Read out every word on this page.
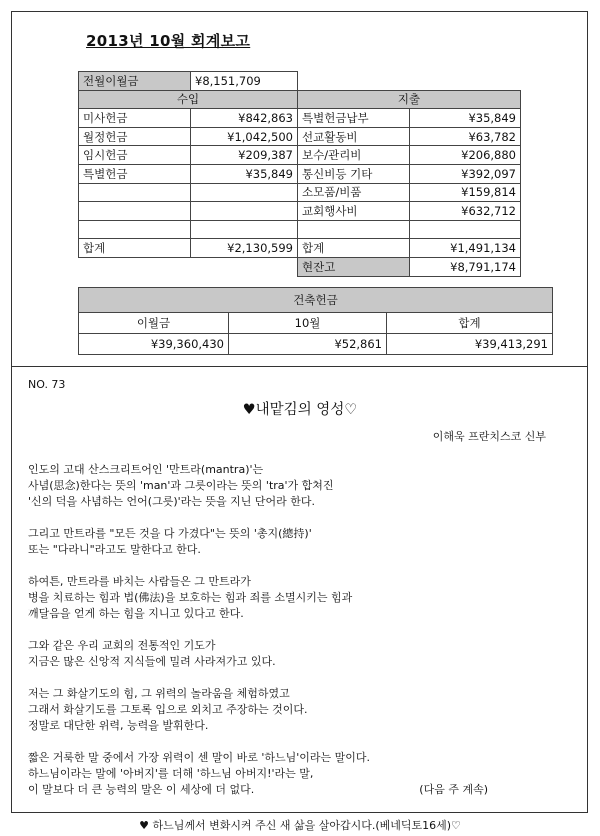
2013년 10월 회계보고
전월이월금	¥8,151,709		
수입		지출	
미사헌금	¥842,863	특별헌금납부	¥35,849
월정헌금	¥1,042,500	선교활동비	¥63,782
임시헌금	¥209,387	보수/관리비	¥206,880
특별헌금	¥35,849	통신비등 기타	¥392,097
		소모품/비품	¥159,814
		교회행사비	¥632,712

합계	¥2,130,599	합계	¥1,491,134
		현잔고	¥8,791,174
건축헌금		
이월금	10월	합계
¥39,360,430	¥52,861	¥39,413,291
NO. 73
♥내맡김의 영성♡
이해욱 프란치스코 신부
인도의 고대 산스크리트어인 '만트라(mantra)'는
사념(思念)한다는 뜻의 'man'과 그릇이라는 뜻의 'tra'가 합쳐진
'신의 덕을 사념하는 언어(그릇)'라는 뜻을 지닌 단어라 한다.
그리고 만트라를 "모든 것을 다 가겼다"는 뜻의 '총지(總持)'
또는 "다라니"라고도 말한다고 한다.
하여튼, 만트라를 바치는 사람들은 그 만트라가
병을 치료하는 힘과 법(佛法)을 보호하는 힘과 죄를 소멸시키는 힘과
깨달음을 얻게 하는 힘을 지니고 있다고 한다.
그와 같은 우리 교회의 전통적인 기도가
지금은 많은 신앙적 지식들에 밀려 사라져가고 있다.
저는 그 화살기도의 힘, 그 위력의 놀라움을 체험하였고
그래서 화살기도를 그토록 입으로 외치고 주장하는 것이다.
정말로 대단한 위력, 능력을 발휘한다.
짧은 거룩한 말 중에서 가장 위력이 센 말이 바로 '하느님'이라는 말이다.
하느님이라는 말에 '아버지'를 더해 '하느님 아버지!'라는 말,
이 말보다 더 큰 능력의 말은 이 세상에 더 없다.	(다음 주 계속)
♥ 하느님께서 변화시켜 주신 새 삶을 살아갑시다.(베네딕토16세)♡
